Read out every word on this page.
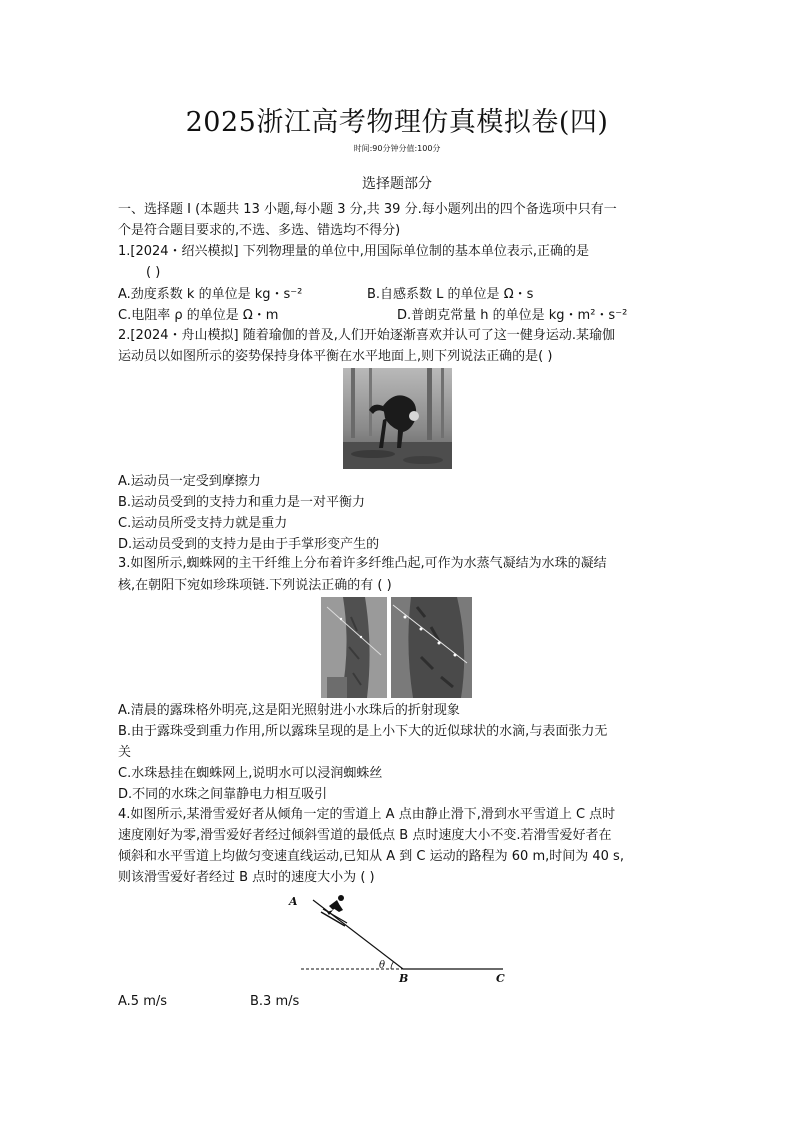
2025浙江高考物理仿真模拟卷(四)
时间:90分钟分值:100分
选择题部分
一、选择题 I (本题共 13 小题,每小题 3 分,共 39 分.每小题列出的四个备选项中只有一
个是符合题目要求的,不选、多选、错选均不得分)
1.[2024・绍兴模拟] 下列物理量的单位中,用国际单位制的基本单位表示,正确的是
( )
A.劲度系数 k 的单位是 kg・s⁻²	B.自感系数 L 的单位是 Ω・s
C.电阻率 ρ 的单位是 Ω・m	D.普朗克常量 h 的单位是 kg・m²・s⁻²
2.[2024・舟山模拟] 随着瑜伽的普及,人们开始逐渐喜欢并认可了这一健身运动.某瑜伽
运动员以如图所示的姿势保持身体平衡在水平地面上,则下列说法正确的是( )
A.运动员一定受到摩擦力
B.运动员受到的支持力和重力是一对平衡力
C.运动员所受支持力就是重力
D.运动员受到的支持力是由于手掌形变产生的
3.如图所示,蜘蛛网的主干纤维上分布着许多纤维凸起,可作为水蒸气凝结为水珠的凝结
核,在朝阳下宛如珍珠项链.下列说法正确的有 ( )
A.清晨的露珠格外明亮,这是阳光照射进小水珠后的折射现象
B.由于露珠受到重力作用,所以露珠呈现的是上小下大的近似球状的水滴,与表面张力无
关
C.水珠悬挂在蜘蛛网上,说明水可以浸润蜘蛛丝
D.不同的水珠之间靠静电力相互吸引
4.如图所示,某滑雪爱好者从倾角一定的雪道上 A 点由静止滑下,滑到水平雪道上 C 点时
速度刚好为零,滑雪爱好者经过倾斜雪道的最低点 B 点时速度大小不变.若滑雪爱好者在
倾斜和水平雪道上均做匀变速直线运动,已知从 A 到 C 运动的路程为 60 m,时间为 40 s,
则该滑雪爱好者经过 B 点时的速度大小为 ( )
A
B	C
θ
A.5 m/s	B.3 m/s
